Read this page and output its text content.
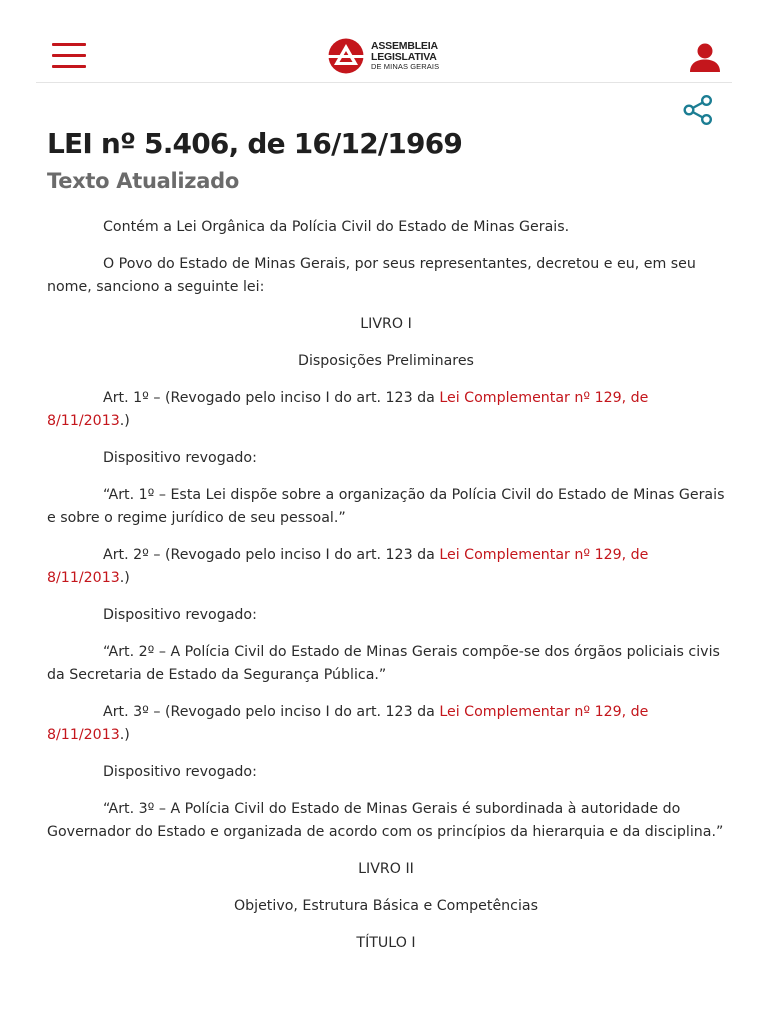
ASSEMBLEIA
LEGISLATIVA
DE MINAS GERAIS
LEI nº 5.406, de 16/12/1969
Texto Atualizado

Contém a Lei Orgânica da Polícia Civil do Estado de Minas Gerais.

O Povo do Estado de Minas Gerais, por seus representantes, decretou e eu, em seu nome, sanciono a seguinte lei:

LIVRO I

Disposições Preliminares

Art. 1º – (Revogado pelo inciso I do art. 123 da Lei Complementar nº 129, de 8/11/2013.)

Dispositivo revogado:

“Art. 1º – Esta Lei dispõe sobre a organização da Polícia Civil do Estado de Minas Gerais e sobre o regime jurídico de seu pessoal.”

Art. 2º – (Revogado pelo inciso I do art. 123 da Lei Complementar nº 129, de 8/11/2013.)

Dispositivo revogado:

“Art. 2º – A Polícia Civil do Estado de Minas Gerais compõe-se dos órgãos policiais civis da Secretaria de Estado da Segurança Pública.”

Art. 3º – (Revogado pelo inciso I do art. 123 da Lei Complementar nº 129, de 8/11/2013.)

Dispositivo revogado:

“Art. 3º – A Polícia Civil do Estado de Minas Gerais é subordinada à autoridade do Governador do Estado e organizada de acordo com os princípios da hierarquia e da disciplina.”

LIVRO II

Objetivo, Estrutura Básica e Competências

TÍTULO I
